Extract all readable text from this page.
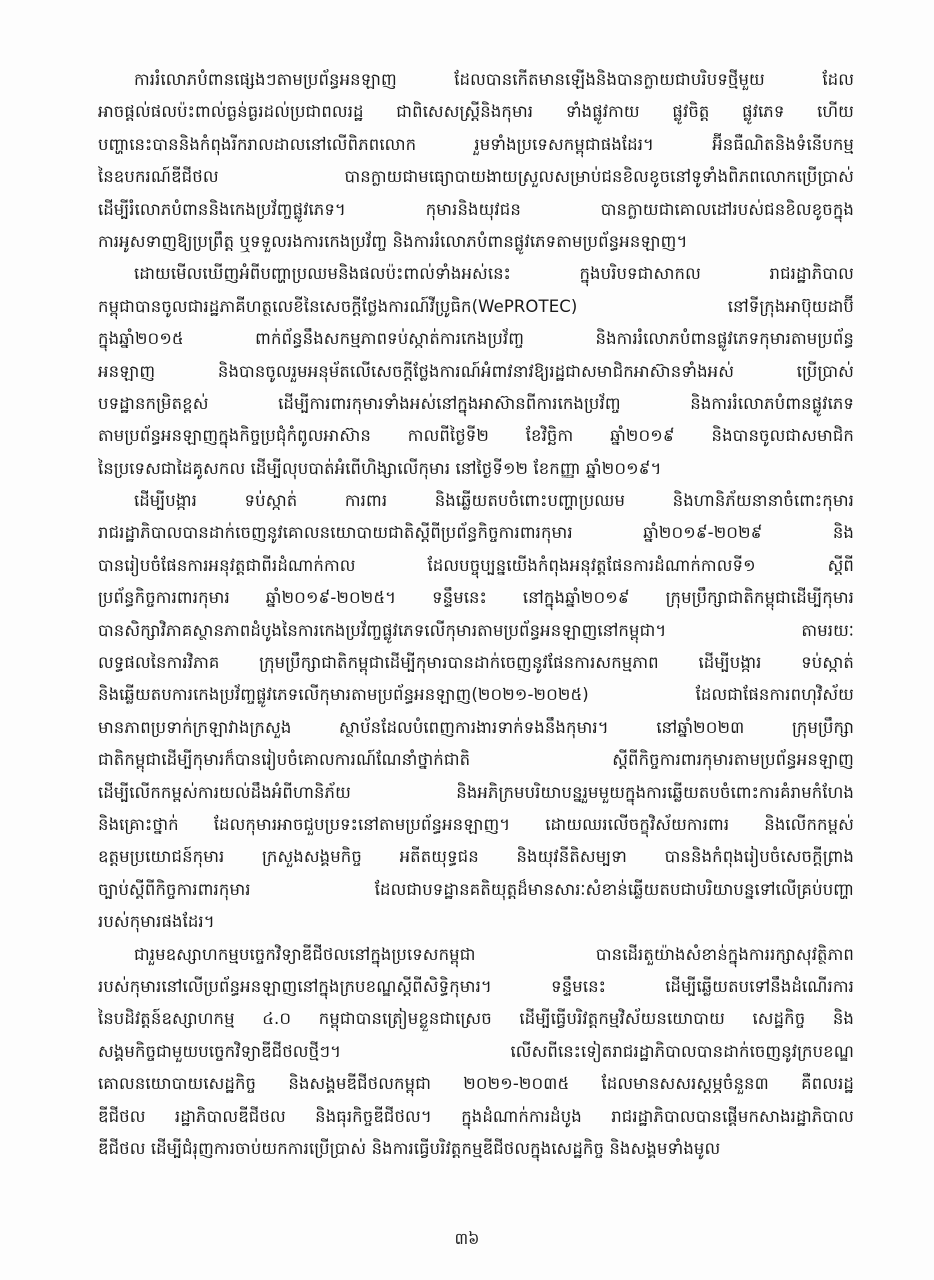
ការរំលោភបំពានផ្សេងៗតាមប្រព័ន្ធអនឡាញ ដែលបានកើតមានឡើងនិងបានក្លាយជាបរិបទថ្មីមួយ ដែល
អាចផ្តល់ផលប៉ះពាល់ធ្ងន់ធ្ងរដល់ប្រជាពលរដ្ឋ ជាពិសេសស្ត្រីនិងកុមារ ទាំងផ្លូវកាយ ផ្លូវចិត្ត ផ្លូវភេទ ហើយ
បញ្ហានេះបាននិងកំពុងរីករាលដាលនៅលើពិភពលោក រួមទាំងប្រទេសកម្ពុជាផងដែរ។ អ៊ីនធឺណិតនិងទំនើបកម្ម
នៃឧបករណ៍ឌីជីថល បានក្លាយជាមធ្យោបាយងាយស្រួលសម្រាប់ជនខិលខូចនៅទូទាំងពិភពលោកប្រើប្រាស់
ដើម្បីរំលោភបំពាននិងកេងប្រវ័ញ្ចផ្លូវភេទ។ កុមារនិងយុវជន បានក្លាយជាគោលដៅរបស់ជនខិលខូចក្នុង
ការអូសទាញឱ្យប្រព្រឹត្ត ឬទទួលរងការកេងប្រវ័ញ្ច និងការរំលោភបំពានផ្លូវភេទតាមប្រព័ន្ធអនឡាញ។
ដោយមើលឃើញអំពីបញ្ហាប្រឈមនិងផលប៉ះពាល់ទាំងអស់នេះ ក្នុងបរិបទជាសាកល រាជរដ្ឋាភិបាល
កម្ពុជាបានចូលជារដ្ឋភាគីហត្ថលេខីនៃសេចក្តីថ្លែងការណ៍វីប្រូធិក(WePROTEC) នៅទីក្រុងអាប៊ុយដាប៊ី
ក្នុងឆ្នាំ២០១៥ ពាក់ព័ន្ធនឹងសកម្មភាពទប់ស្កាត់ការកេងប្រវ័ញ្ច និងការរំលោភបំពានផ្លូវភេទកុមារតាមប្រព័ន្ធ
អនឡាញ និងបានចូលរួមអនុម័តលើសេចក្តីថ្លែងការណ៍អំពាវនាវឱ្យរដ្ឋជាសមាជិកអាស៊ានទាំងអស់ ប្រើប្រាស់
បទដ្ឋានកម្រិតខ្ពស់ ដើម្បីការពារកុមារទាំងអស់នៅក្នុងអាស៊ានពីការកេងប្រវ័ញ្ច និងការរំលោភបំពានផ្លូវភេទ
តាមប្រព័ន្ធអនឡាញក្នុងកិច្ចប្រជុំកំពូលអាស៊ាន កាលពីថ្ងៃទី២ ខែវិច្ឆិកា ឆ្នាំ២០១៩ និងបានចូលជាសមាជិក
នៃប្រទេសជាដៃគូសកល ដើម្បីលុបបាត់អំពើហិង្សាលើកុមារ នៅថ្ងៃទី១២ ខែកញ្ញា ឆ្នាំ២០១៩។
ដើម្បីបង្ការ ទប់ស្កាត់ ការពារ និងឆ្លើយតបចំពោះបញ្ហាប្រឈម និងហានិភ័យនានាចំពោះកុមារ
រាជរដ្ឋាភិបាលបានដាក់ចេញនូវគោលនយោបាយជាតិស្តីពីប្រព័ន្ធកិច្ចការពារកុមារ ឆ្នាំ២០១៩-២០២៩ និង
បានរៀបចំផែនការអនុវត្តជាពីរដំណាក់កាល ដែលបច្ចុប្បន្នយើងកំពុងអនុវត្តផែនការដំណាក់កាលទី១ ស្តីពី
ប្រព័ន្ធកិច្ចការពារកុមារ ឆ្នាំ២០១៩-២០២៥។ ទន្ទឹមនេះ នៅក្នុងឆ្នាំ២០១៩ ក្រុមប្រឹក្សាជាតិកម្ពុជាដើម្បីកុមារ
បានសិក្សាវិភាគស្ថានភាពដំបូងនៃការកេងប្រវ័ញ្ចផ្លូវភេទលើកុមារតាមប្រព័ន្ធអនឡាញនៅកម្ពុជា។ តាមរយៈ
លទ្ធផលនៃការវិភាគ ក្រុមប្រឹក្សាជាតិកម្ពុជាដើម្បីកុមារបានដាក់ចេញនូវផែនការសកម្មភាព ដើម្បីបង្ការ ទប់ស្កាត់
និងឆ្លើយតបការកេងប្រវ័ញ្ចផ្លូវភេទលើកុមារតាមប្រព័ន្ធអនឡាញ(២០២១-២០២៥) ដែលជាផែនការពហុវិស័យ
មានភាពប្រទាក់ក្រឡាវាងក្រសួង ស្ថាប័នដែលបំពេញការងារទាក់ទងនឹងកុមារ។ នៅឆ្នាំ២០២៣ ក្រុមប្រឹក្សា
ជាតិកម្ពុជាដើម្បីកុមារក៏បានរៀបចំគោលការណ៍ណែនាំថ្នាក់ជាតិ ស្តីពីកិច្ចការពារកុមារតាមប្រព័ន្ធអនឡាញ
ដើម្បីលើកកម្ពស់ការយល់ដឹងអំពីហានិភ័យ និងអភិក្រមបរិយាបន្នរួមមួយក្នុងការឆ្លើយតបចំពោះការគំរាមកំហែង
និងគ្រោះថ្នាក់ ដែលកុមារអាចជួបប្រទះនៅតាមប្រព័ន្ធអនឡាញ។ ដោយឈរលើចក្ខុវិស័យការពារ និងលើកកម្ពស់
ឧត្តមប្រយោជន៍កុមារ ក្រសួងសង្គមកិច្ច អតីតយុទ្ធជន និងយុវនីតិសម្បទា បាននិងកំពុងរៀបចំសេចក្តីព្រាង
ច្បាប់ស្តីពីកិច្ចការពារកុមារ ដែលជាបទដ្ឋានគតិយុត្តដ៏មានសារៈសំខាន់ឆ្លើយតបជាបរិយាបន្នទៅលើគ្រប់បញ្ហា
របស់កុមារផងដែរ។
ជារួមឧស្សាហកម្មបច្ចេកវិទ្យាឌីជីថលនៅក្នុងប្រទេសកម្ពុជា បានដើរតួយ៉ាងសំខាន់ក្នុងការរក្សាសុវត្ថិភាព
របស់កុមារនៅលើប្រព័ន្ធអនឡាញនៅក្នុងក្របខណ្ឌស្តីពីសិទ្ធិកុមារ។ ទន្ទឹមនេះ ដើម្បីឆ្លើយតបទៅនឹងដំណើរការ
នៃបដិវត្តន៍ឧស្សាហកម្ម ៤.០ កម្ពុជាបានត្រៀមខ្លួនជាស្រេច ដើម្បីធ្វើបរិវត្តកម្មវិស័យនយោបាយ សេដ្ឋកិច្ច និង
សង្គមកិច្ចជាមួយបច្ចេកវិទ្យាឌីជីថលថ្មីៗ។ លើសពីនេះទៀតរាជរដ្ឋាភិបាលបានដាក់ចេញនូវក្របខណ្ឌ
គោលនយោបាយសេដ្ឋកិច្ច និងសង្គមឌីជីថលកម្ពុជា ២០២១-២០៣៥ ដែលមានសសរស្តម្ភចំនួន៣ គឺពលរដ្ឋ
ឌីជីថល រដ្ឋាភិបាលឌីជីថល និងធុរកិច្ចឌីជីថល។ ក្នុងដំណាក់ការដំបូង រាជរដ្ឋាភិបាលបានផ្តើមកសាងរដ្ឋាភិបាល
ឌីជីថល ដើម្បីជំរុញការចាប់យកការប្រើប្រាស់ និងការធ្វើបរិវត្តកម្មឌីជីថលក្នុងសេដ្ឋកិច្ច និងសង្គមទាំងមូល
៣៦
